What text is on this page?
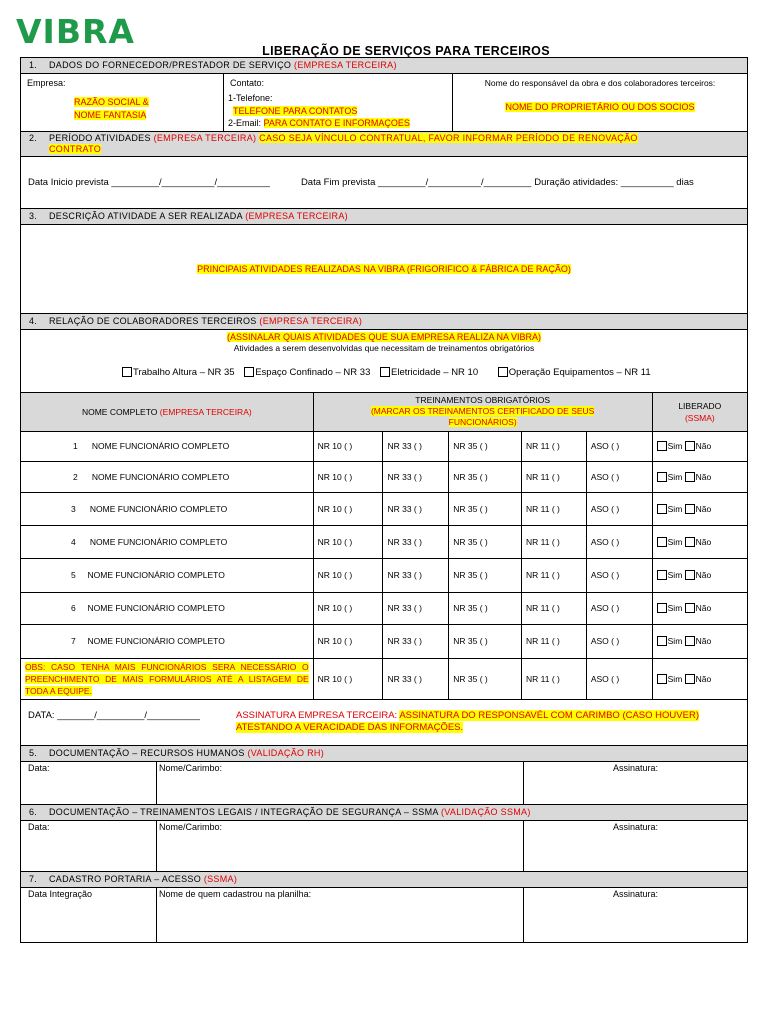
VIBRA	LIBERAÇÃO DE SERVIÇOS PARA TERCEIROS
1. DADOS DO FORNECEDOR/PRESTADOR DE SERVIÇO (EMPRESA TERCEIRA)
Empresa:
RAZÃO SOCIAL &
NOME FANTASIA
Contato:
1-Telefone:
TELEFONE PARA CONTATOS
2-Email: PARA CONTATO E INFORMAÇOES
Nome do responsável da obra e dos colaboradores terceiros:
NOME DO PROPRIETÁRIO OU DOS SOCIOS
2. PERÍODO ATIVIDADES (EMPRESA TERCEIRA) CASO SEJA VÍNCULO CONTRATUAL, FAVOR INFORMAR PERÍODO DE RENOVAÇÃO
CONTRATO
Data Inicio prevista _________/__________/__________	Data Fim prevista _________/__________/_________ Duração atividades: __________ dias
3. DESCRIÇÃO ATIVIDADE A SER REALIZADA (EMPRESA TERCEIRA)
PRINCIPAIS ATIVIDADES REALIZADAS NA VIBRA (FRIGORIFICO & FÁBRICA DE RAÇÃO)
4. RELAÇÃO DE COLABORADORES TERCEIROS (EMPRESA TERCEIRA)
(ASSINALAR QUAIS ATIVIDADES QUE SUA EMPRESA REALIZA NA VIBRA)
Atividades a serem desenvolvidas que necessitam de treinamentos obrigatórios
Trabalho Altura – NR 35 Espaço Confinado – NR 33 Eletricidade – NR 10	Operação Equipamentos – NR 11
NOME COMPLETO (EMPRESA TERCEIRA)	TREINAMENTOS OBRIGATÓRIOS
(MARCAR OS TREINAMENTOS CERTIFICADO DE SEUS FUNCIONÁRIOS)					LIBERADO
(SSMA)
1 NOME FUNCIONÁRIO COMPLETO	NR 10 ( )	NR 33 ( )	NR 35 ( )	NR 11 ( )	ASO ( )	Sim Não
2 NOME FUNCIONÁRIO COMPLETO	NR 10 ( )	NR 33 ( )	NR 35 ( )	NR 11 ( )	ASO ( )	Sim Não
3 NOME FUNCIONÁRIO COMPLETO	NR 10 ( )	NR 33 ( )	NR 35 ( )	NR 11 ( )	ASO ( )	Sim Não
4 NOME FUNCIONÁRIO COMPLETO	NR 10 ( )	NR 33 ( )	NR 35 ( )	NR 11 ( )	ASO ( )	Sim Não
5 NOME FUNCIONÁRIO COMPLETO	NR 10 ( )	NR 33 ( )	NR 35 ( )	NR 11 ( )	ASO ( )	Sim Não
6 NOME FUNCIONÁRIO COMPLETO	NR 10 ( )	NR 33 ( )	NR 35 ( )	NR 11 ( )	ASO ( )	Sim Não
7 NOME FUNCIONÁRIO COMPLETO	NR 10 ( )	NR 33 ( )	NR 35 ( )	NR 11 ( )	ASO ( )	Sim Não
OBS: CASO TENHA MAIS FUNCIONÁRIOS SERA NECESSÁRIO O PREENCHIMENTO DE MAIS FORMULÁRIOS ATÉ A LISTAGEM DE TODA A EQUIPE.	NR 10 ( )	NR 33 ( )	NR 35 ( )	NR 11 ( )	ASO ( )	Sim Não
DATA: _______/_________/__________	ASSINATURA EMPRESA TERCEIRA: ASSINATURA DO RESPONSAVÉL COM CARIMBO (CASO HOUVER) ATESTANDO A VERACIDADE DAS INFORMAÇÕES.
5. DOCUMENTAÇÃO – RECURSOS HUMANOS (VALIDAÇÃO RH)
Data:	Nome/Carimbo:	Assinatura:
6. DOCUMENTAÇÃO – TREINAMENTOS LEGAIS / INTEGRAÇÃO DE SEGURANÇA – SSMA (VALIDAÇÃO SSMA)
Data:	Nome/Carimbo:	Assinatura:
7. CADASTRO PORTARIA – ACESSO (SSMA)
Data Integração	Nome de quem cadastrou na planilha:	Assinatura:
